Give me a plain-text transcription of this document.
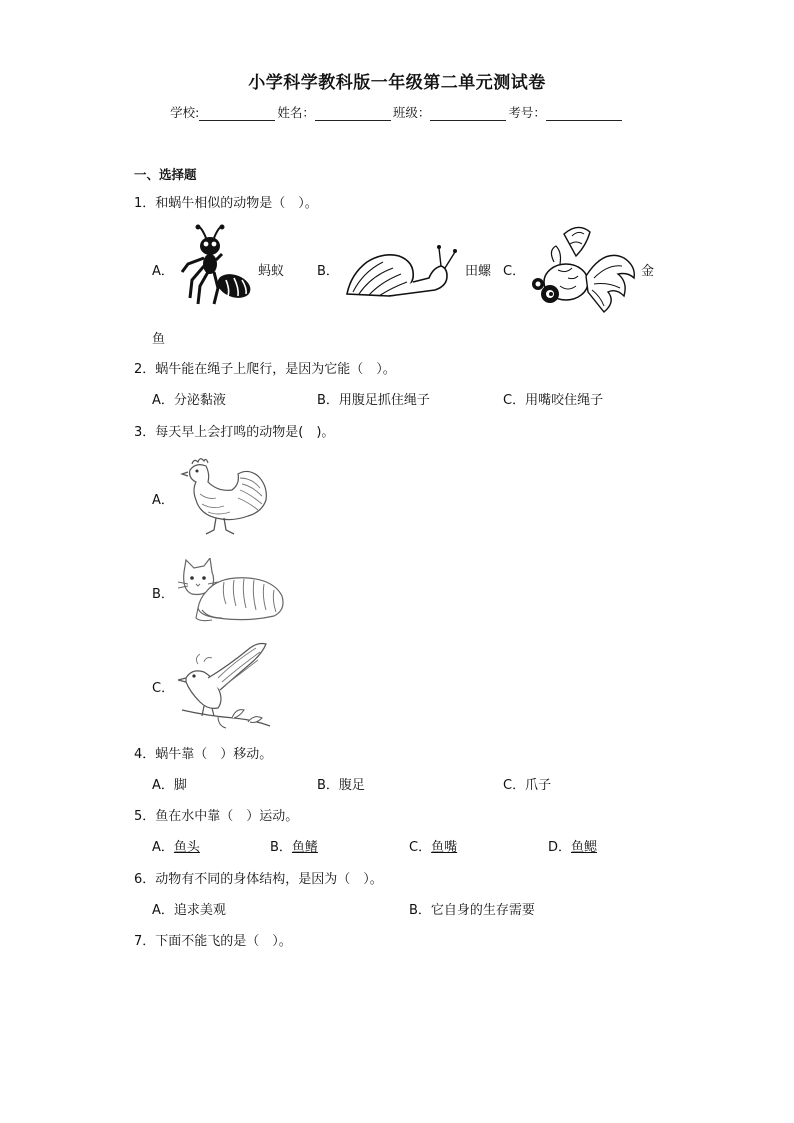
小学科学教科版一年级第二单元测试卷
学校:	姓名：	班级：	考号：
一、选择题
1．和蜗牛相似的动物是（　）。
A．	蚂蚁	B．	田螺 C．	金
鱼
2．蜗牛能在绳子上爬行，是因为它能（　）。
A．分泌黏液	B．用腹足抓住绳子	C．用嘴咬住绳子
3．每天早上会打鸣的动物是(　)。
A．
B．
C．
4．蜗牛靠（　）移动。
A．脚	B．腹足	C．爪子
5．鱼在水中靠（　）运动。
A．鱼头	B．鱼鳍	C．鱼嘴	D．鱼鳃
6．动物有不同的身体结构，是因为（　）。
A．追求美观	B．它自身的生存需要
7．下面不能飞的是（　）。
